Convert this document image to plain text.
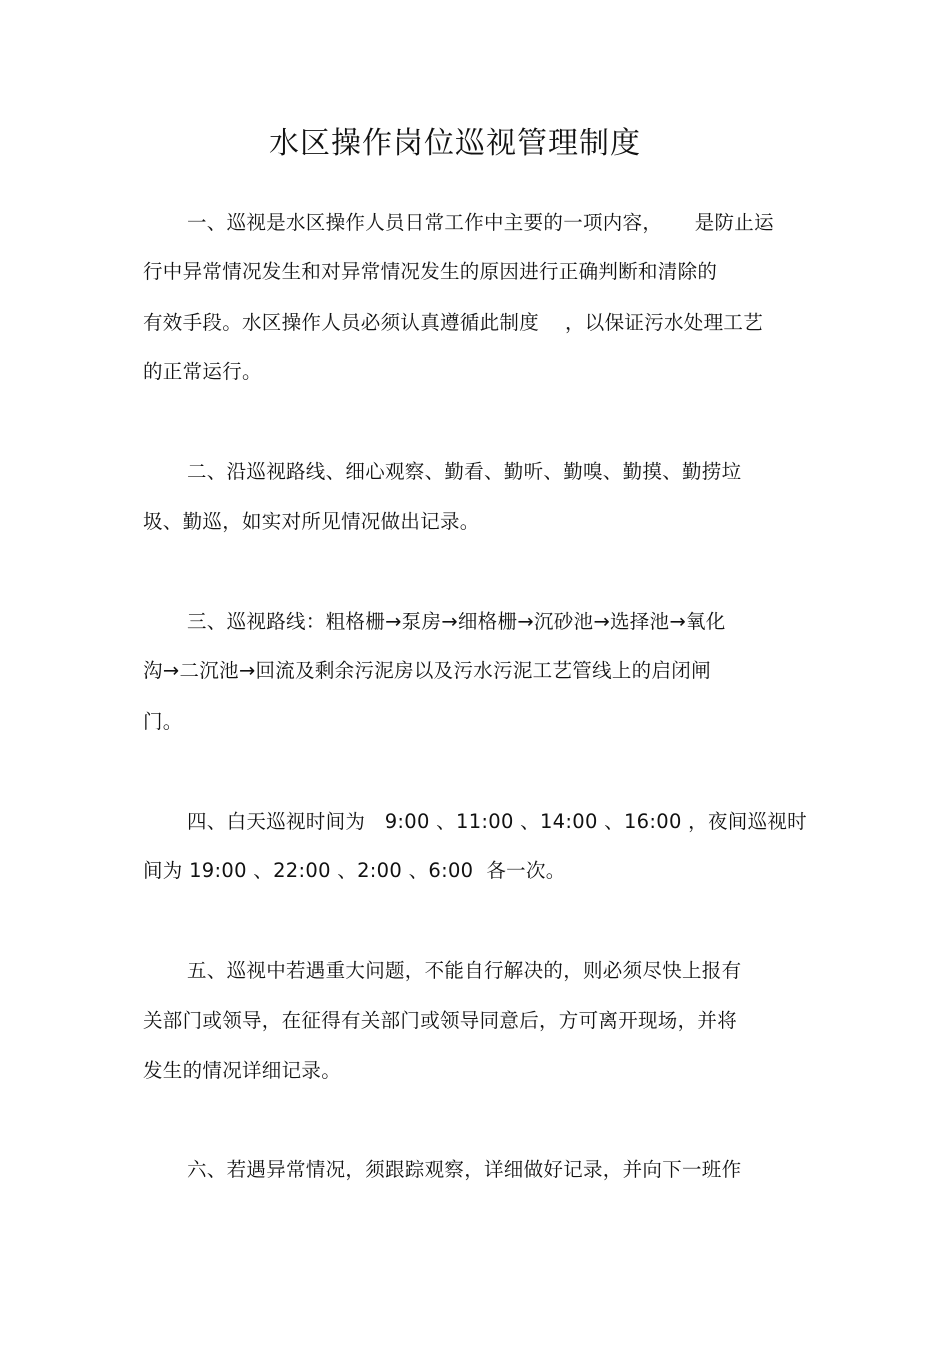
水区操作岗位巡视管理制度
一、巡视是水区操作人员日常工作中主要的一项内容，     是防止运
行中异常情况发生和对异常情况发生的原因进行正确判断和清除的
有效手段。水区操作人员必须认真遵循此制度    ，以保证污水处理工艺
的正常运行。
二、沿巡视路线、细心观察、勤看、勤听、勤嗅、勤摸、勤捞垃
圾、勤巡，如实对所见情况做出记录。
三、巡视路线：粗格栅→泵房→细格栅→沉砂池→选择池→氧化
沟→二沉池→回流及剩余污泥房以及污水污泥工艺管线上的启闭闸
门。
四、白天巡视时间为   9:00 、11:00 、14:00 、16:00 ，夜间巡视时
间为 19:00 、22:00 、2:00 、6:00  各一次。
五、巡视中若遇重大问题，不能自行解决的，则必须尽快上报有
关部门或领导，在征得有关部门或领导同意后，方可离开现场，并将
发生的情况详细记录。
六、若遇异常情况，须跟踪观察，详细做好记录，并向下一班作
